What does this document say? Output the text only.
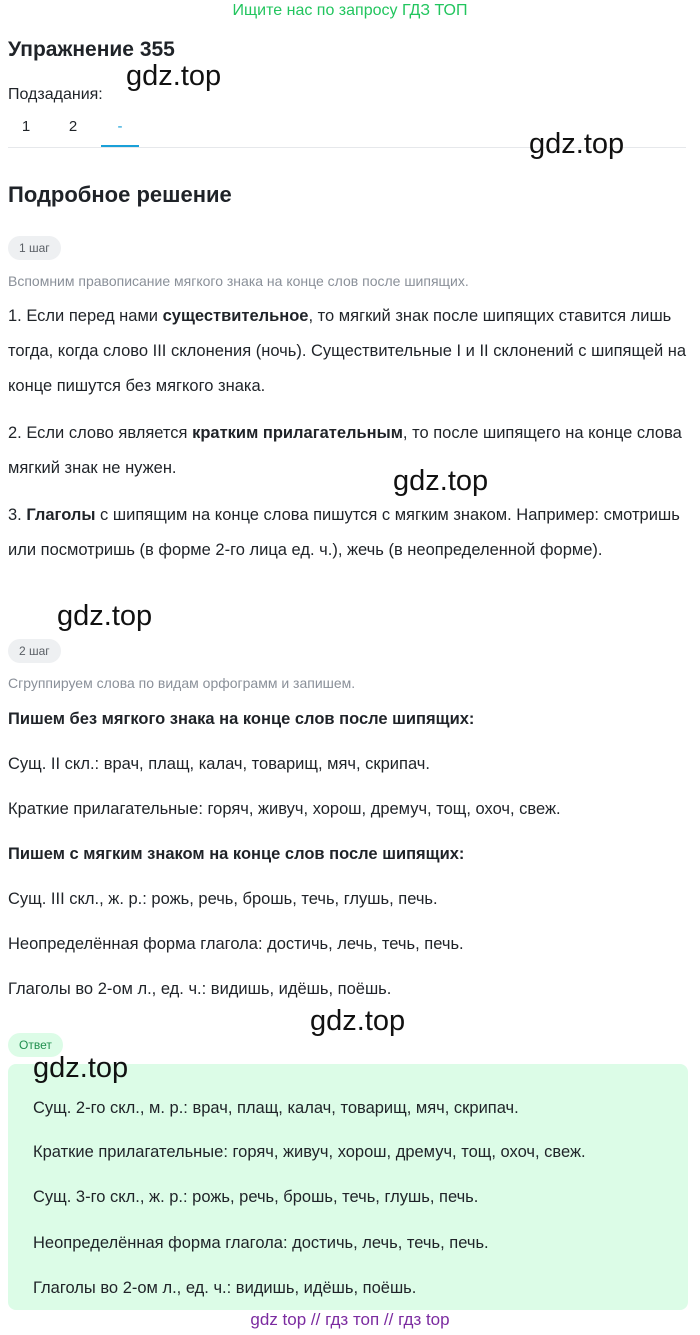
Ищите нас по запросу ГДЗ ТОП
Упражнение 355
gdz.top
Подзадания:
1	2	-
gdz.top
Подробное решение
1 шаг
Вспомним правописание мягкого знака на конце слов после шипящих.
1. Если перед нами существительное, то мягкий знак после шипящих ставится лишь тогда, когда слово III склонения (ночь). Существительные I и II склонений с шипящей на конце пишутся без мягкого знака.
2. Если слово является кратким прилагательным, то после шипящего на конце слова мягкий знак не нужен.	gdz.top
3. Глаголы с шипящим на конце слова пишутся с мягким знаком. Например: смотришь или посмотришь (в форме 2-го лица ед. ч.), жечь (в неопределенной форме).
gdz.top
2 шаг
Сгруппируем слова по видам орфограмм и запишем.
Пишем без мягкого знака на конце слов после шипящих:
Сущ. II скл.: врач, плащ, калач, товарищ, мяч, скрипач.
Краткие прилагательные: горяч, живуч, хорош, дремуч, тощ, охоч, свеж.
Пишем с мягким знаком на конце слов после шипящих:
Сущ. III скл., ж. р.: рожь, речь, брошь, течь, глушь, печь.
Неопределённая форма глагола: достичь, лечь, течь, печь.
Глаголы во 2-ом л., ед. ч.: видишь, идёшь, поёшь.
gdz.top
Ответ
gdz.top
Сущ. 2-го скл., м. р.: врач, плащ, калач, товарищ, мяч, скрипач.
Краткие прилагательные: горяч, живуч, хорош, дремуч, тощ, охоч, свеж.
Сущ. 3-го скл., ж. р.: рожь, речь, брошь, течь, глушь, печь.
Неопределённая форма глагола: достичь, лечь, течь, печь.
Глаголы во 2-ом л., ед. ч.: видишь, идёшь, поёшь.
gdz top // гдз топ // гдз top
